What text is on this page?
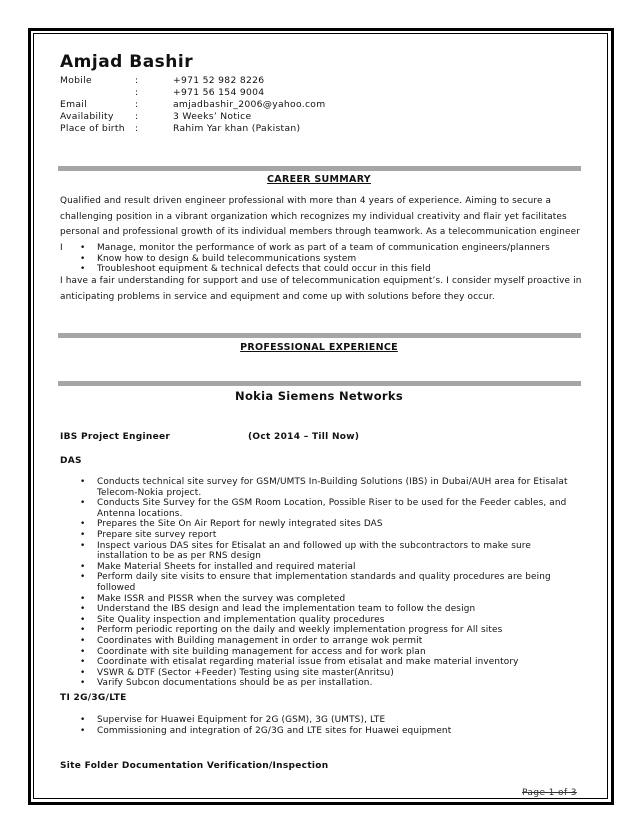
Amjad Bashir
Mobile	:	+971 52 982 8226
:	+971 56 154 9004
Email	:	amjadbashir_2006@yahoo.com
Availability :	3 Weeks’ Notice
Place of birth :	Rahim Yar khan (Pakistan)
CAREER SUMMARY
Qualified and result driven engineer professional with more than 4 years of experience. Aiming to secure a
challenging position in a vibrant organization which recognizes my individual creativity and flair yet facilitates
personal and professional growth of its individual members through teamwork. As a telecommunication engineer I
•	Manage, monitor the performance of work as part of a team of communication engineers/planners
• Know how to design & build telecommunications system
• Troubleshoot equipment & technical defects that could occur in this field
I have a fair understanding for support and use of telecommunication equipment’s. I consider myself proactive in
anticipating problems in service and equipment and come up with solutions before they occur.
PROFESSIONAL EXPERIENCE
Nokia Siemens Networks
IBS Project Engineer	(Oct 2014 – Till Now)
DAS
• Conducts technical site survey for GSM/UMTS In-Building Solutions (IBS) in Dubai/AUH area for Etisalat Telecom-Nokia project.
• Conducts Site Survey for the GSM Room Location, Possible Riser to be used for the Feeder cables, and Antenna locations.
• Prepares the Site On Air Report for newly integrated sites DAS
• Prepare site survey report
• Inspect various DAS sites for Etisalat an and followed up with the subcontractors to make sure installation to be as per RNS design
• Make Material Sheets for installed and required material
• Perform daily site visits to ensure that implementation standards and quality procedures are being followed
• Make ISSR and PISSR when the survey was completed
• Understand the IBS design and lead the implementation team to follow the design
• Site Quality inspection and implementation quality procedures
• Perform periodic reporting on the daily and weekly implementation progress for All sites
• Coordinates with Building management in order to arrange wok permit
• Coordinate with site building management for access and for work plan
• Coordinate with etisalat regarding material issue from etisalat and make material inventory
• VSWR & DTF (Sector +Feeder) Testing using site master(Anritsu)
• Varify Subcon documentations should be as per installation.
TI 2G/3G/LTE
• Supervise for Huawei Equipment for 2G (GSM), 3G (UMTS), LTE
• Commissioning and integration of 2G/3G and LTE sites for Huawei equipment
Site Folder Documentation Verification/Inspection
Page 1 of 3
